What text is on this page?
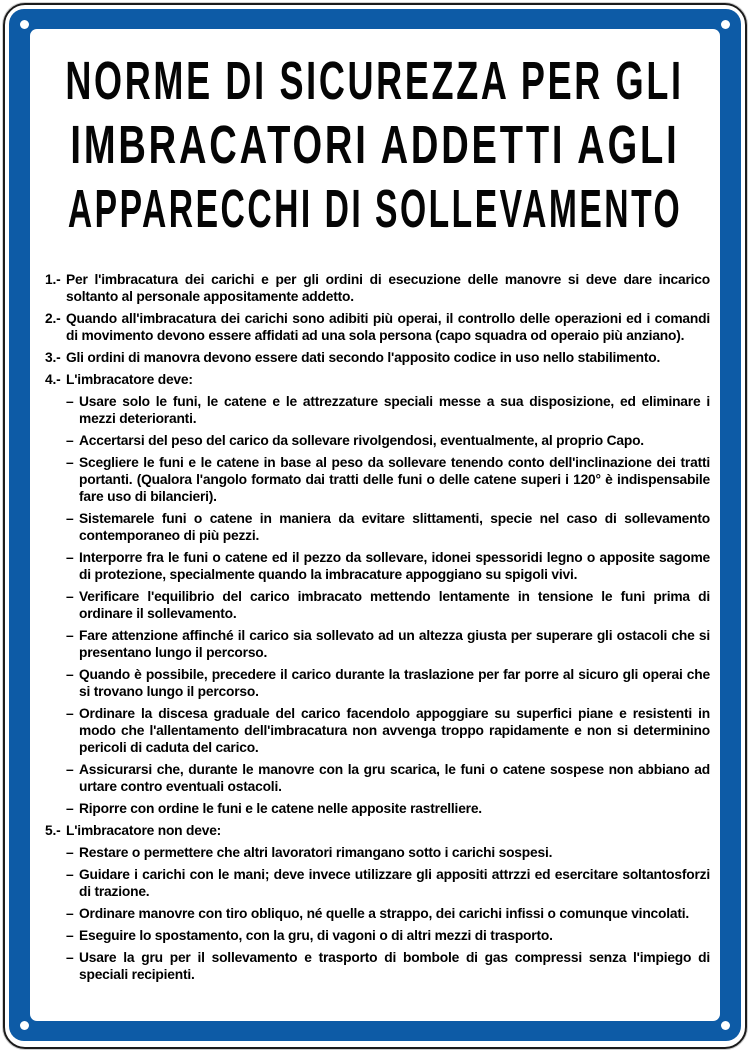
NORME DI SICUREZZA PER GLI
IMBRACATORI ADDETTI AGLI
APPARECCHI DI SOLLEVAMENTO
1.- Per l'imbracatura dei carichi e per gli ordini di esecuzione delle manovre si deve dare incarico soltanto al personale appositamente addetto.
2.- Quando all'imbracatura dei carichi sono adibiti più operai, il controllo delle operazioni ed i comandi di movimento devono essere affidati ad una sola persona (capo squadra od operaio più anziano).
3.- Gli ordini di manovra devono essere dati secondo l'apposito codice in uso nello stabilimento.
4.- L'imbracatore deve:
– Usare solo le funi, le catene e le attrezzature speciali messe a sua disposizione, ed eliminare i mezzi deterioranti.
– Accertarsi del peso del carico da sollevare rivolgendosi, eventualmente, al proprio Capo.
– Scegliere le funi e le catene in base al peso da sollevare tenendo conto dell'inclinazione dei tratti portanti. (Qualora l'angolo formato dai tratti delle funi o delle catene superi i 120° è indispensabile fare uso di bilancieri).
– Sistemarele funi o catene in maniera da evitare slittamenti, specie nel caso di sollevamento contemporaneo di più pezzi.
– Interporre fra le funi o catene ed il pezzo da sollevare, idonei spessoridi legno o apposite sagome di protezione, specialmente quando la imbracature appoggiano su spigoli vivi.
– Verificare l'equilibrio del carico imbracato mettendo lentamente in tensione le funi prima di ordinare il sollevamento.
– Fare attenzione affinché il carico sia sollevato ad un altezza giusta per superare gli ostacoli che si presentano lungo il percorso.
– Quando è possibile, precedere il carico durante la traslazione per far porre al sicuro gli operai che si trovano lungo il percorso.
– Ordinare la discesa graduale del carico facendolo appoggiare su superfici piane e resistenti in modo che l'allentamento dell'imbracatura non avvenga troppo rapidamente e non si determinino pericoli di caduta del carico.
– Assicurarsi che, durante le manovre con la gru scarica, le funi o catene sospese non abbiano ad urtare contro eventuali ostacoli.
– Riporre con ordine le funi e le catene nelle apposite rastrelliere.
5.- L'imbracatore non deve:
– Restare o permettere che altri lavoratori rimangano sotto i carichi sospesi.
– Guidare i carichi con le mani; deve invece utilizzare gli appositi attrzzi ed esercitare soltantosforzi di trazione.
– Ordinare manovre con tiro obliquo, né quelle a strappo, dei carichi infissi o comunque vincolati.
– Eseguire lo spostamento, con la gru, di vagoni o di altri mezzi di trasporto.
– Usare la gru per il sollevamento e trasporto di bombole di gas compressi senza l'impiego di speciali recipienti.
